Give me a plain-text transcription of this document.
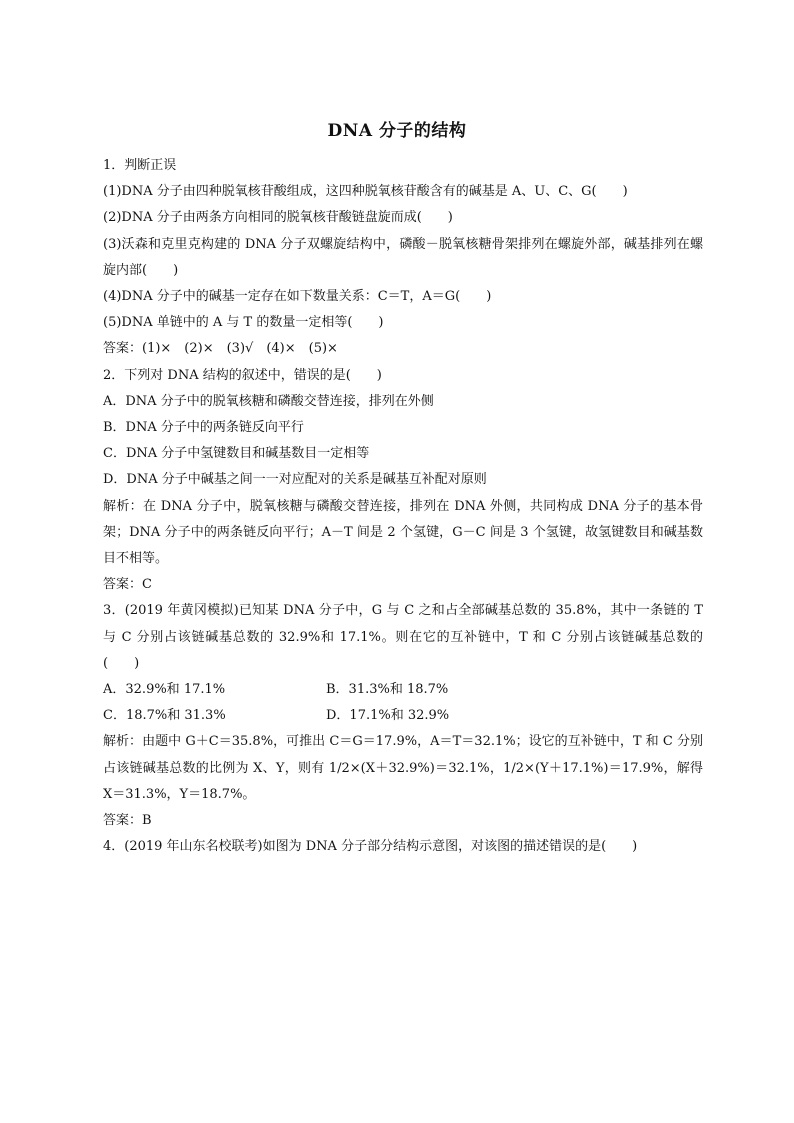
DNA 分子的结构
1．判断正误
(1)DNA 分子由四种脱氧核苷酸组成，这四种脱氧核苷酸含有的碱基是 A、U、C、G(　　)
(2)DNA 分子由两条方向相同的脱氧核苷酸链盘旋而成(　　)
(3)沃森和克里克构建的 DNA 分子双螺旋结构中，磷酸－脱氧核糖骨架排列在螺旋外部，碱基排列在螺旋内部(　　)
(4)DNA 分子中的碱基一定存在如下数量关系：C＝T，A＝G(　　)
(5)DNA 单链中的 A 与 T 的数量一定相等(　　)
答案：(1)×　(2)×　(3)√　(4)×　(5)×
2．下列对 DNA 结构的叙述中，错误的是(　　)
A．DNA 分子中的脱氧核糖和磷酸交替连接，排列在外侧
B．DNA 分子中的两条链反向平行
C．DNA 分子中氢键数目和碱基数目一定相等
D．DNA 分子中碱基之间一一对应配对的关系是碱基互补配对原则
解析：在 DNA 分子中，脱氧核糖与磷酸交替连接，排列在 DNA 外侧，共同构成 DNA 分子的基本骨架；DNA 分子中的两条链反向平行；A－T 间是 2 个氢键，G－C 间是 3 个氢键，故氢键数目和碱基数目不相等。
答案：C
3．(2019 年黄冈模拟)已知某 DNA 分子中，G 与 C 之和占全部碱基总数的 35.8%，其中一条链的 T 与 C 分别占该链碱基总数的 32.9%和 17.1%。则在它的互补链中，T 和 C 分别占该链碱基总数的(　　)
A．32.9%和 17.1%	B．31.3%和 18.7%
C．18.7%和 31.3%	D．17.1%和 32.9%
解析：由题中 G＋C＝35.8%，可推出 C＝G＝17.9%，A＝T＝32.1%；设它的互补链中，T 和 C 分别占该链碱基总数的比例为 X、Y，则有 1/2×(X＋32.9%)＝32.1%，1/2×(Y＋17.1%)＝17.9%，解得 X＝31.3%，Y＝18.7%。
答案：B
4．(2019 年山东名校联考)如图为 DNA 分子部分结构示意图，对该图的描述错误的是(　　)
